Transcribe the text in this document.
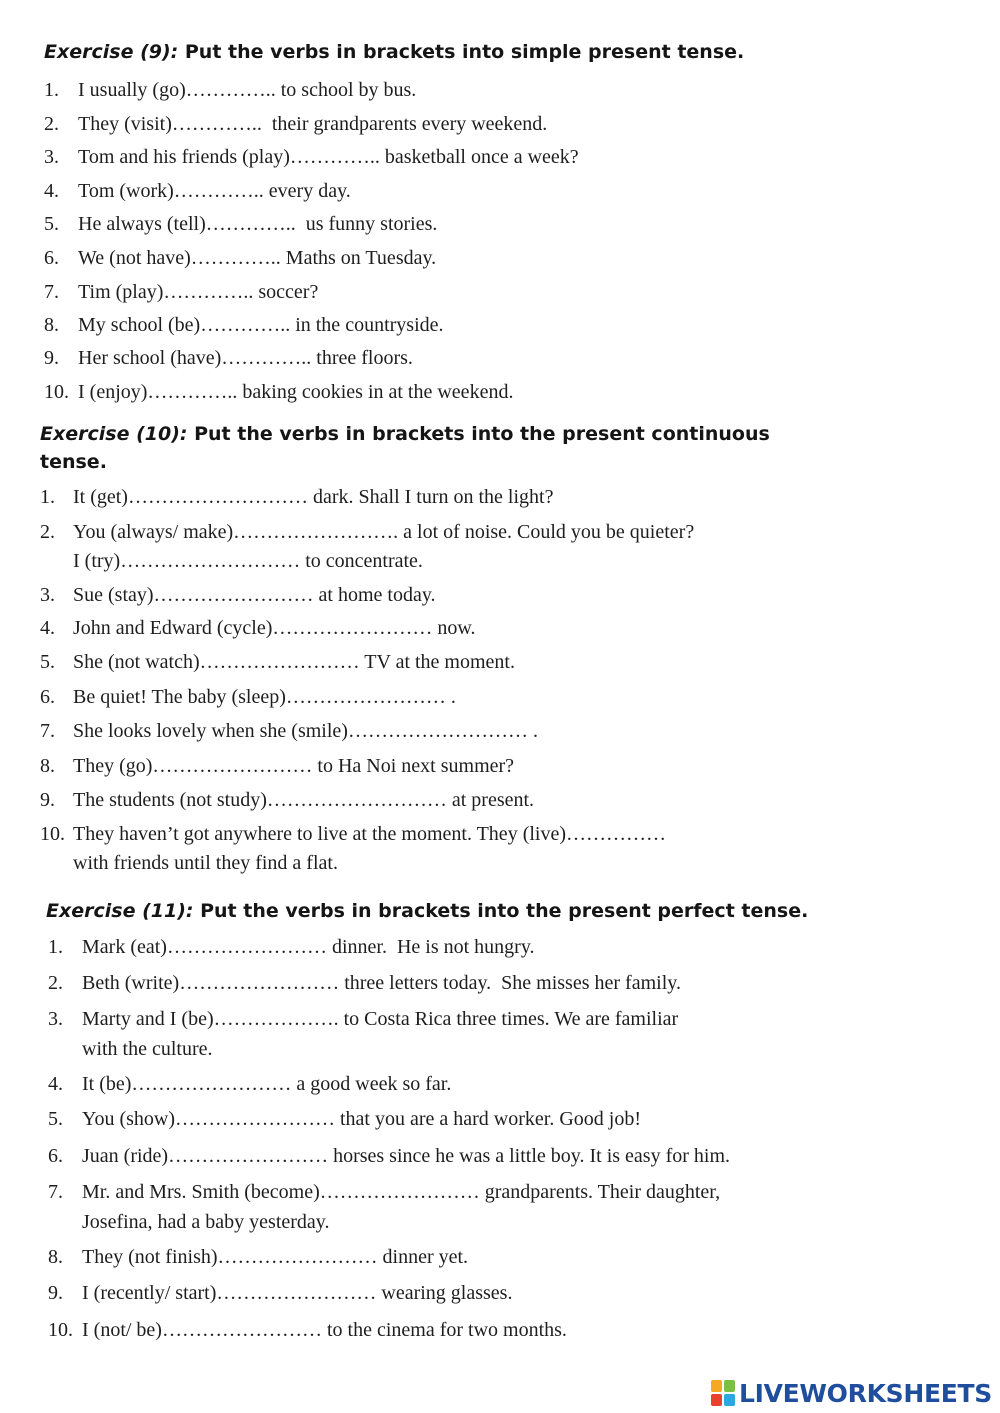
Exercise (9): Put the verbs in brackets into simple present tense.
1. I usually (go)………….. to school by bus.
2. They (visit)…………..  their grandparents every weekend.
3. Tom and his friends (play)………….. basketball once a week?
4. Tom (work)………….. every day.
5. He always (tell)…………..  us funny stories.
6. We (not have)………….. Maths on Tuesday.
7. Tim (play)………….. soccer?
8. My school (be)………….. in the countryside.
9. Her school (have)………….. three floors.
10. I (enjoy)………….. baking cookies in at the weekend.
Exercise (10): Put the verbs in brackets into the present continuous
tense.
1. It (get)……………………… dark. Shall I turn on the light?
2. You (always/ make)……………………. a lot of noise. Could you be quieter?
I (try)……………………… to concentrate.
3. Sue (stay)…………………… at home today.
4. John and Edward (cycle)…………………… now.
5. She (not watch)…………………… TV at the moment.
6. Be quiet! The baby (sleep)…………………… .
7. She looks lovely when she (smile)……………………… .
8. They (go)…………………… to Ha Noi next summer?
9. The students (not study)……………………… at present.
10. They haven’t got anywhere to live at the moment. They (live)……………
with friends until they find a flat.
Exercise (11): Put the verbs in brackets into the present perfect tense.
1. Mark (eat)…………………… dinner.  He is not hungry.
2. Beth (write)…………………… three letters today.  She misses her family.
3. Marty and I (be)………………. to Costa Rica three times. We are familiar
with the culture.
4. It (be)…………………… a good week so far.
5. You (show)…………………… that you are a hard worker. Good job!
6. Juan (ride)…………………… horses since he was a little boy. It is easy for him.
7. Mr. and Mrs. Smith (become)…………………… grandparents. Their daughter,
Josefina, had a baby yesterday.
8. They (not finish)…………………… dinner yet.
9. I (recently/ start)…………………… wearing glasses.
10. I (not/ be)…………………… to the cinema for two months.
LIVEWORKSHEETS
